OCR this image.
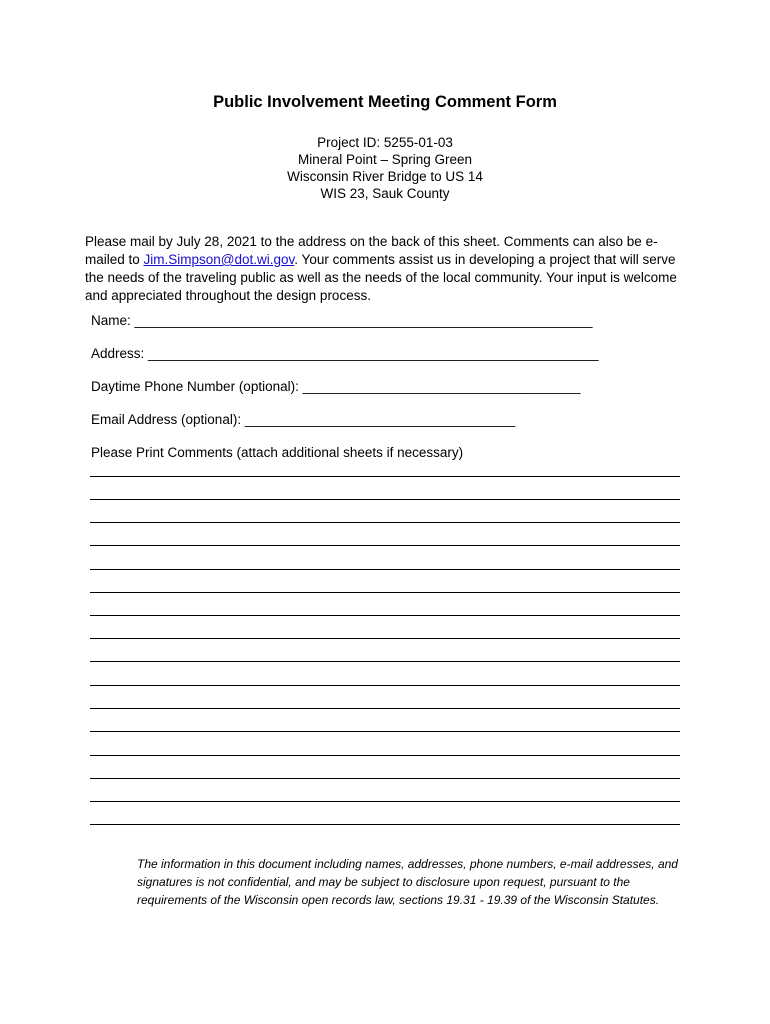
Public Involvement Meeting Comment Form
Project ID: 5255-01-03
Mineral Point – Spring Green
Wisconsin River Bridge to US 14
WIS 23, Sauk County
Please mail by July 28, 2021 to the address on the back of this sheet. Comments can also be e-mailed to Jim.Simpson@dot.wi.gov. Your comments assist us in developing a project that will serve the needs of the traveling public as well as the needs of the local community. Your input is welcome and appreciated throughout the design process.
Name: _____________________________________________________________
Address: ____________________________________________________________
Daytime Phone Number (optional): _____________________________________
Email Address (optional): ____________________________________
Please Print Comments (attach additional sheets if necessary)
The information in this document including names, addresses, phone numbers, e-mail addresses, and signatures is not confidential, and may be subject to disclosure upon request, pursuant to the requirements of the Wisconsin open records law, sections 19.31 - 19.39 of the Wisconsin Statutes.
